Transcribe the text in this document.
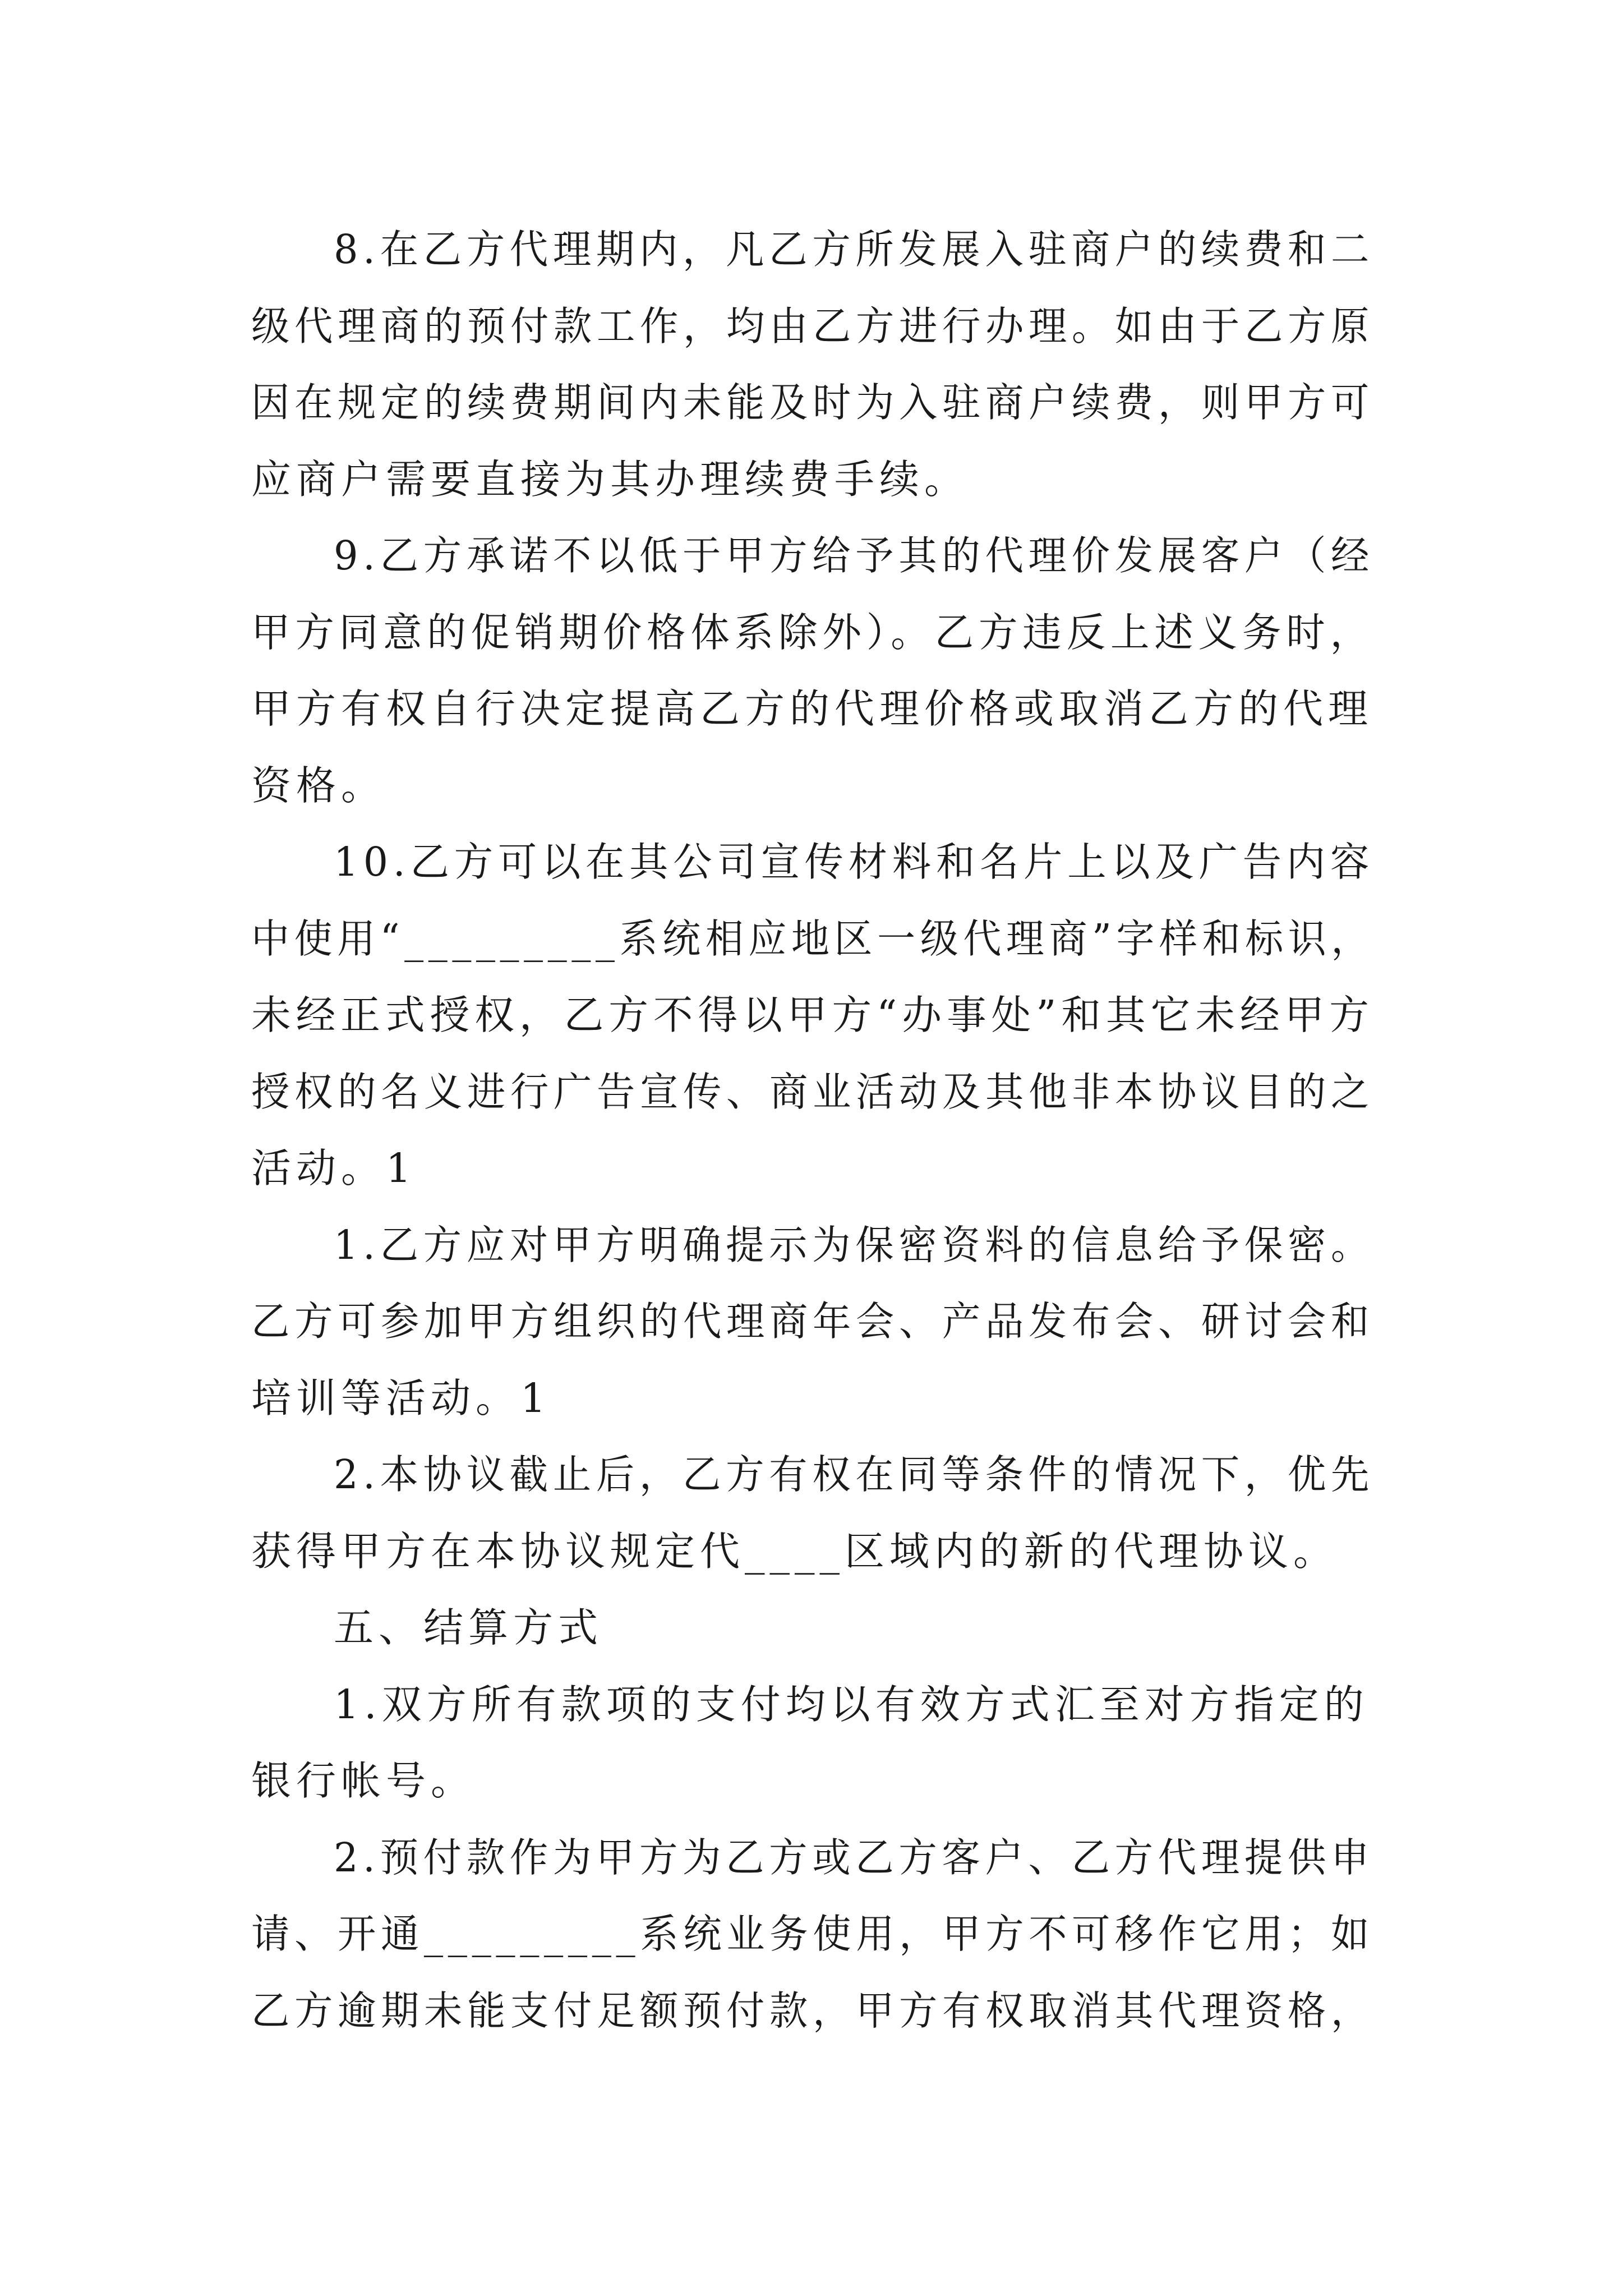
8.在乙方代理期内，凡乙方所发展入驻商户的续费和二

级代理商的预付款工作，均由乙方进行办理。如由于乙方原

因在规定的续费期间内未能及时为入驻商户续费，则甲方可

应商户需要直接为其办理续费手续。

9.乙方承诺不以低于甲方给予其的代理价发展客户（经

甲方同意的促销期价格体系除外）。乙方违反上述义务时，

甲方有权自行决定提高乙方的代理价格或取消乙方的代理

资格。

10.乙方可以在其公司宣传材料和名片上以及广告内容

中使用“_________系统相应地区一级代理商”字样和标识，

未经正式授权，乙方不得以甲方“办事处”和其它未经甲方

授权的名义进行广告宣传、商业活动及其他非本协议目的之

活动。1

1.乙方应对甲方明确提示为保密资料的信息给予保密。

乙方可参加甲方组织的代理商年会、产品发布会、研讨会和

培训等活动。1

2.本协议截止后，乙方有权在同等条件的情况下，优先

获得甲方在本协议规定代____区域内的新的代理协议。

五、结算方式

1.双方所有款项的支付均以有效方式汇至对方指定的

银行帐号。

2.预付款作为甲方为乙方或乙方客户、乙方代理提供申

请、开通_________系统业务使用，甲方不可移作它用；如

乙方逾期未能支付足额预付款，甲方有权取消其代理资格，
